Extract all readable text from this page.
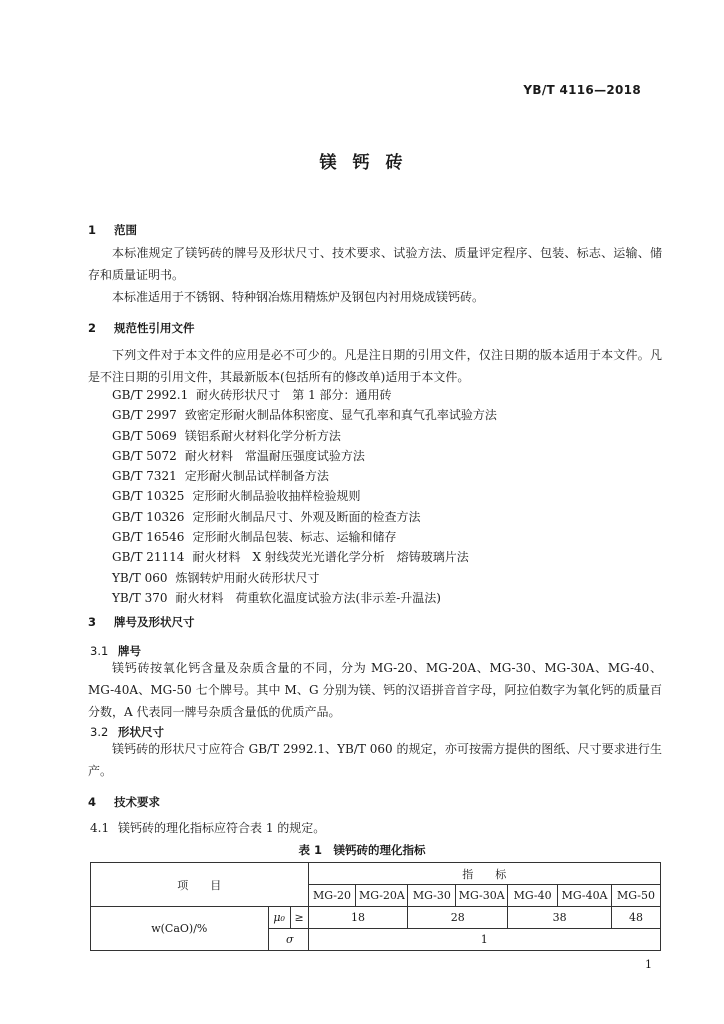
YB/T 4116—2018
镁钙砖
1 范围
本标准规定了镁钙砖的牌号及形状尺寸、技术要求、试验方法、质量评定程序、包装、标志、运输、储存和质量证明书。
本标准适用于不锈钢、特种钢冶炼用精炼炉及钢包内衬用烧成镁钙砖。
2 规范性引用文件
下列文件对于本文件的应用是必不可少的。凡是注日期的引用文件，仅注日期的版本适用于本文件。凡是不注日期的引用文件，其最新版本(包括所有的修改单)适用于本文件。
GB/T 2992.1 耐火砖形状尺寸　第 1 部分：通用砖
GB/T 2997 致密定形耐火制品体积密度、显气孔率和真气孔率试验方法
GB/T 5069 镁铝系耐火材料化学分析方法
GB/T 5072 耐火材料　常温耐压强度试验方法
GB/T 7321 定形耐火制品试样制备方法
GB/T 10325 定形耐火制品验收抽样检验规则
GB/T 10326 定形耐火制品尺寸、外观及断面的检查方法
GB/T 16546 定形耐火制品包装、标志、运输和储存
GB/T 21114 耐火材料　X 射线荧光光谱化学分析　熔铸玻璃片法
YB/T 060 炼钢转炉用耐火砖形状尺寸
YB/T 370 耐火材料　荷重软化温度试验方法(非示差-升温法)
3 牌号及形状尺寸
3.1 牌号
镁钙砖按氧化钙含量及杂质含量的不同，分为 MG-20、MG-20A、MG-30、MG-30A、MG-40、MG-40A、MG-50 七个牌号。其中 M、G 分别为镁、钙的汉语拼音首字母，阿拉伯数字为氧化钙的质量百分数，A 代表同一牌号杂质含量低的优质产品。
3.2 形状尺寸
镁钙砖的形状尺寸应符合 GB/T 2992.1、YB/T 060 的规定，亦可按需方提供的图纸、尺寸要求进行生产。
4 技术要求
4.1 镁钙砖的理化指标应符合表 1 的规定。
表 1　镁钙砖的理化指标
项　　目			指　　标						
			MG-20	MG-20A	MG-30	MG-30A	MG-40	MG-40A	MG-50
w(CaO)/%	μ₀	≥	18		28		38		48
	σ		1						
1
